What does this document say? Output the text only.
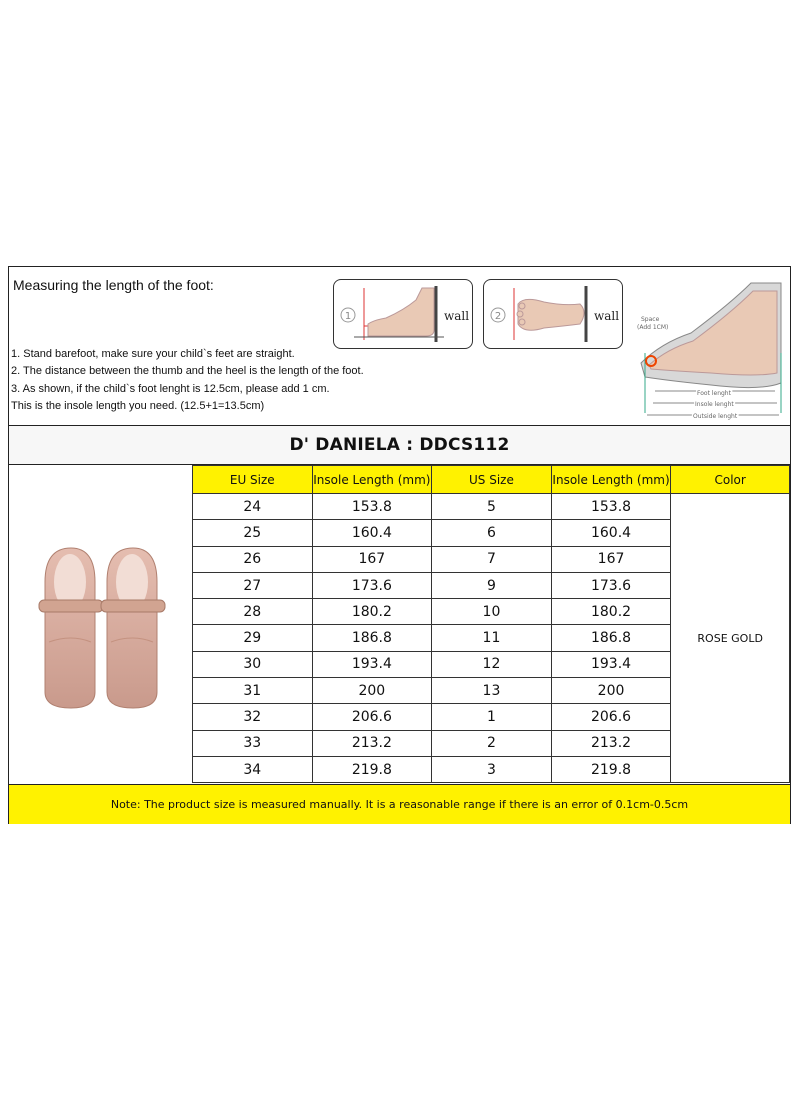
Measuring the length of the foot:
1	wall	2	wall	Space
(Add 1CM)
Foot lenght
Insole lenght
Outside lenght
1. Stand barefoot, make sure your child`s feet are straight.
2. The distance between the thumb and the heel is the length of the foot.
3. As shown, if the child`s foot lenght is 12.5cm, please add 1 cm.
This is the insole length you need. (12.5+1=13.5cm)
D' DANIELA : DDCS112
EU Size	Insole Length (mm)	US Size	Insole Length (mm)	Color
24	153.8	5	153.8	ROSE GOLD
25	160.4	6	160.4	
26	167	7	167	
27	173.6	9	173.6	
28	180.2	10	180.2	
29	186.8	11	186.8	
30	193.4	12	193.4	
31	200	13	200	
32	206.6	1	206.6	
33	213.2	2	213.2	
34	219.8	3	219.8	
Note: The product size is measured manually. It is a reasonable range if there is an error of 0.1cm-0.5cm
